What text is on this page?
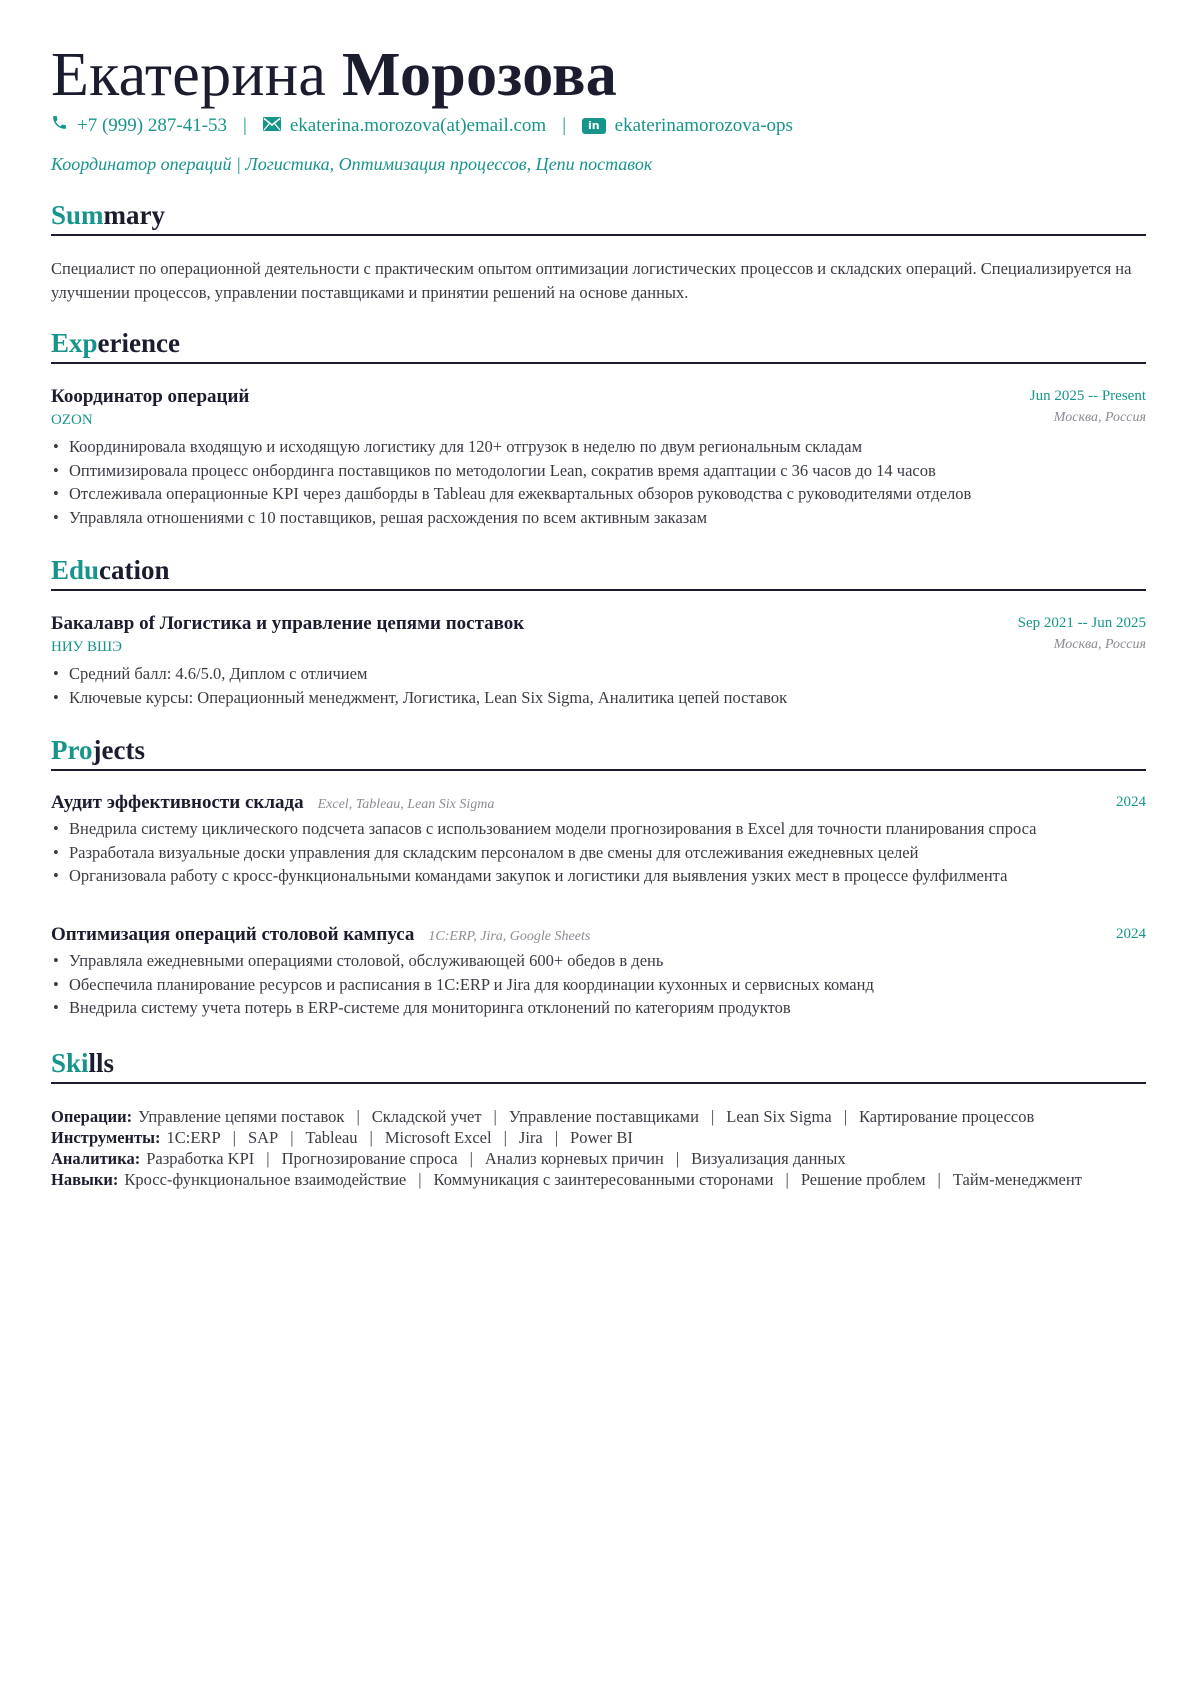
Екатерина Морозова
+7 (999) 287-41-53 | ekaterina.morozova(at)email.com |	in ekaterinamorozova-ops
Координатор операций | Логистика, Оптимизация процессов, Цепи поставок
Summary
Специалист по операционной деятельности с практическим опытом оптимизации логистических процессов и складских операций. Специализируется на улучшении процессов, управлении поставщиками и принятии решений на основе данных.
Experience
Координатор операций	Jun 2025 -- Present
OZON	Москва, Россия
• Координировала входящую и исходящую логистику для 120+ отгрузок в неделю по двум региональным складам
• Оптимизировала процесс онбординга поставщиков по методологии Lean, сократив время адаптации с 36 часов до 14 часов
• Отслеживала операционные KPI через дашборды в Tableau для ежеквартальных обзоров руководства с руководителями отделов
• Управляла отношениями с 10 поставщиков, решая расхождения по всем активным заказам
Education
Бакалавр of Логистика и управление цепями поставок	Sep 2021 -- Jun 2025
НИУ ВШЭ	Москва, Россия
• Средний балл: 4.6/5.0, Диплом с отличием
• Ключевые курсы: Операционный менеджмент, Логистика, Lean Six Sigma, Аналитика цепей поставок
Projects
Аудит эффективности склада Excel, Tableau, Lean Six Sigma	2024
• Внедрила систему циклического подсчета запасов с использованием модели прогнозирования в Excel для точности планирования спроса
• Разработала визуальные доски управления для складским персоналом в две смены для отслеживания ежедневных целей
• Организовала работу с кросс-функциональными командами закупок и логистики для выявления узких мест в процессе фулфилмента
Оптимизация операций столовой кампуса 1C:ERP, Jira, Google Sheets	2024
• Управляла ежедневными операциями столовой, обслуживающей 600+ обедов в день
• Обеспечила планирование ресурсов и расписания в 1C:ERP и Jira для координации кухонных и сервисных команд
• Внедрила систему учета потерь в ERP-системе для мониторинга отклонений по категориям продуктов
Skills
Операции: Управление цепями поставок | Складской учет | Управление поставщиками | Lean Six Sigma | Картирование процессов
Инструменты: 1C:ERP | SAP | Tableau | Microsoft Excel | Jira | Power BI
Аналитика: Разработка KPI | Прогнозирование спроса | Анализ корневых причин | Визуализация данных
Навыки: Кросс-функциональное взаимодействие | Коммуникация с заинтересованными сторонами | Решение проблем | Тайм-менеджмент
